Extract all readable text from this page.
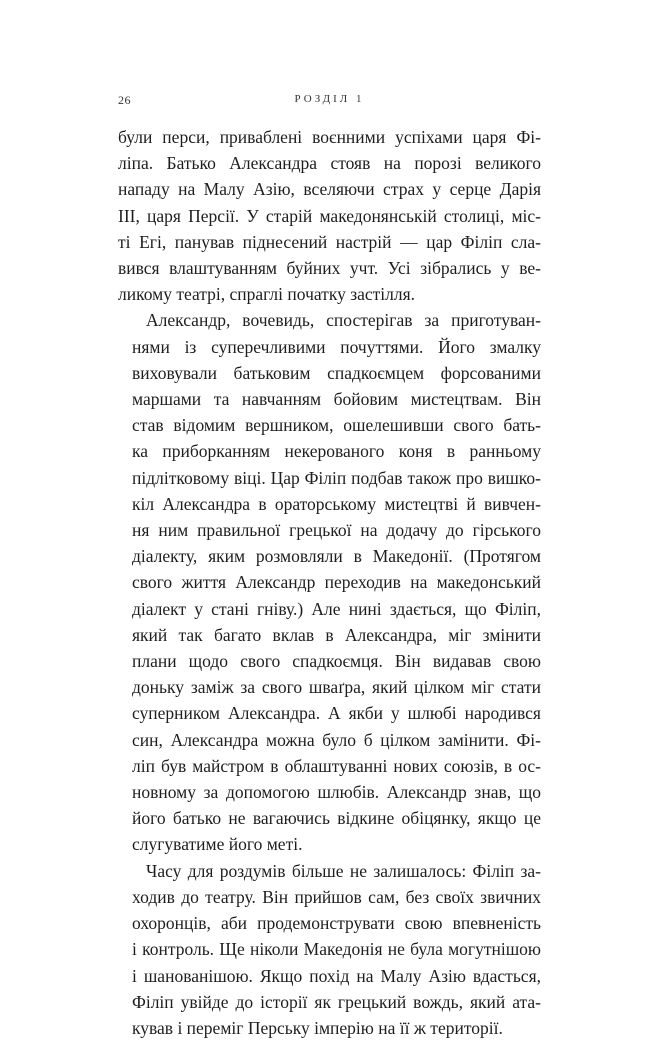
26	РОЗДІЛ 1

були перси, приваблені воєнними успіхами царя Фі-
ліпа. Батько Александра стояв на порозі великого
нападу на Малу Азію, вселяючи страх у серце Дарія
III, царя Персії. У старій македонянській столиці, міс-
ті Егі, панував піднесений настрій — цар Філіп сла-
вився влаштуванням буйних учт. Усі зібрались у ве-
ликому театрі, спраглі початку застілля.

Александр, вочевидь, спостерігав за приготуван-
нями із суперечливими почуттями. Його змалку
виховували батьковим спадкоємцем форсованими
маршами та навчанням бойовим мистецтвам. Він
став відомим вершником, ошелешивши свого бать-
ка приборканням некерованого коня в ранньому
підлітковому віці. Цар Філіп подбав також про вишко-
кіл Александра в ораторському мистецтві й вивчен-
ня ним правильної грецької на додачу до гірського
діалекту, яким розмовляли в Македонії. (Протягом
свого життя Александр переходив на македонський
діалект у стані гніву.) Але нині здається, що Філіп,
який так багато вклав в Александра, міг змінити
плани щодо свого спадкоємця. Він видавав свою
доньку заміж за свого шваґра, який цілком міг стати
суперником Александра. А якби у шлюбі народився
син, Александра можна було б цілком замінити. Фі-
ліп був майстром в облаштуванні нових союзів, в ос-
новному за допомогою шлюбів. Александр знав, що
його батько не вагаючись відкине обіцянку, якщо це
слугуватиме його меті.

Часу для роздумів більше не залишалось: Філіп за-
ходив до театру. Він прийшов сам, без своїх звичних
охоронців, аби продемонструвати свою впевненість
і контроль. Ще ніколи Македонія не була могутнішою
і шанованішою. Якщо похід на Малу Азію вдасться,
Філіп увійде до історії як грецький вождь, який ата-
кував і переміг Перську імперію на її ж території.
